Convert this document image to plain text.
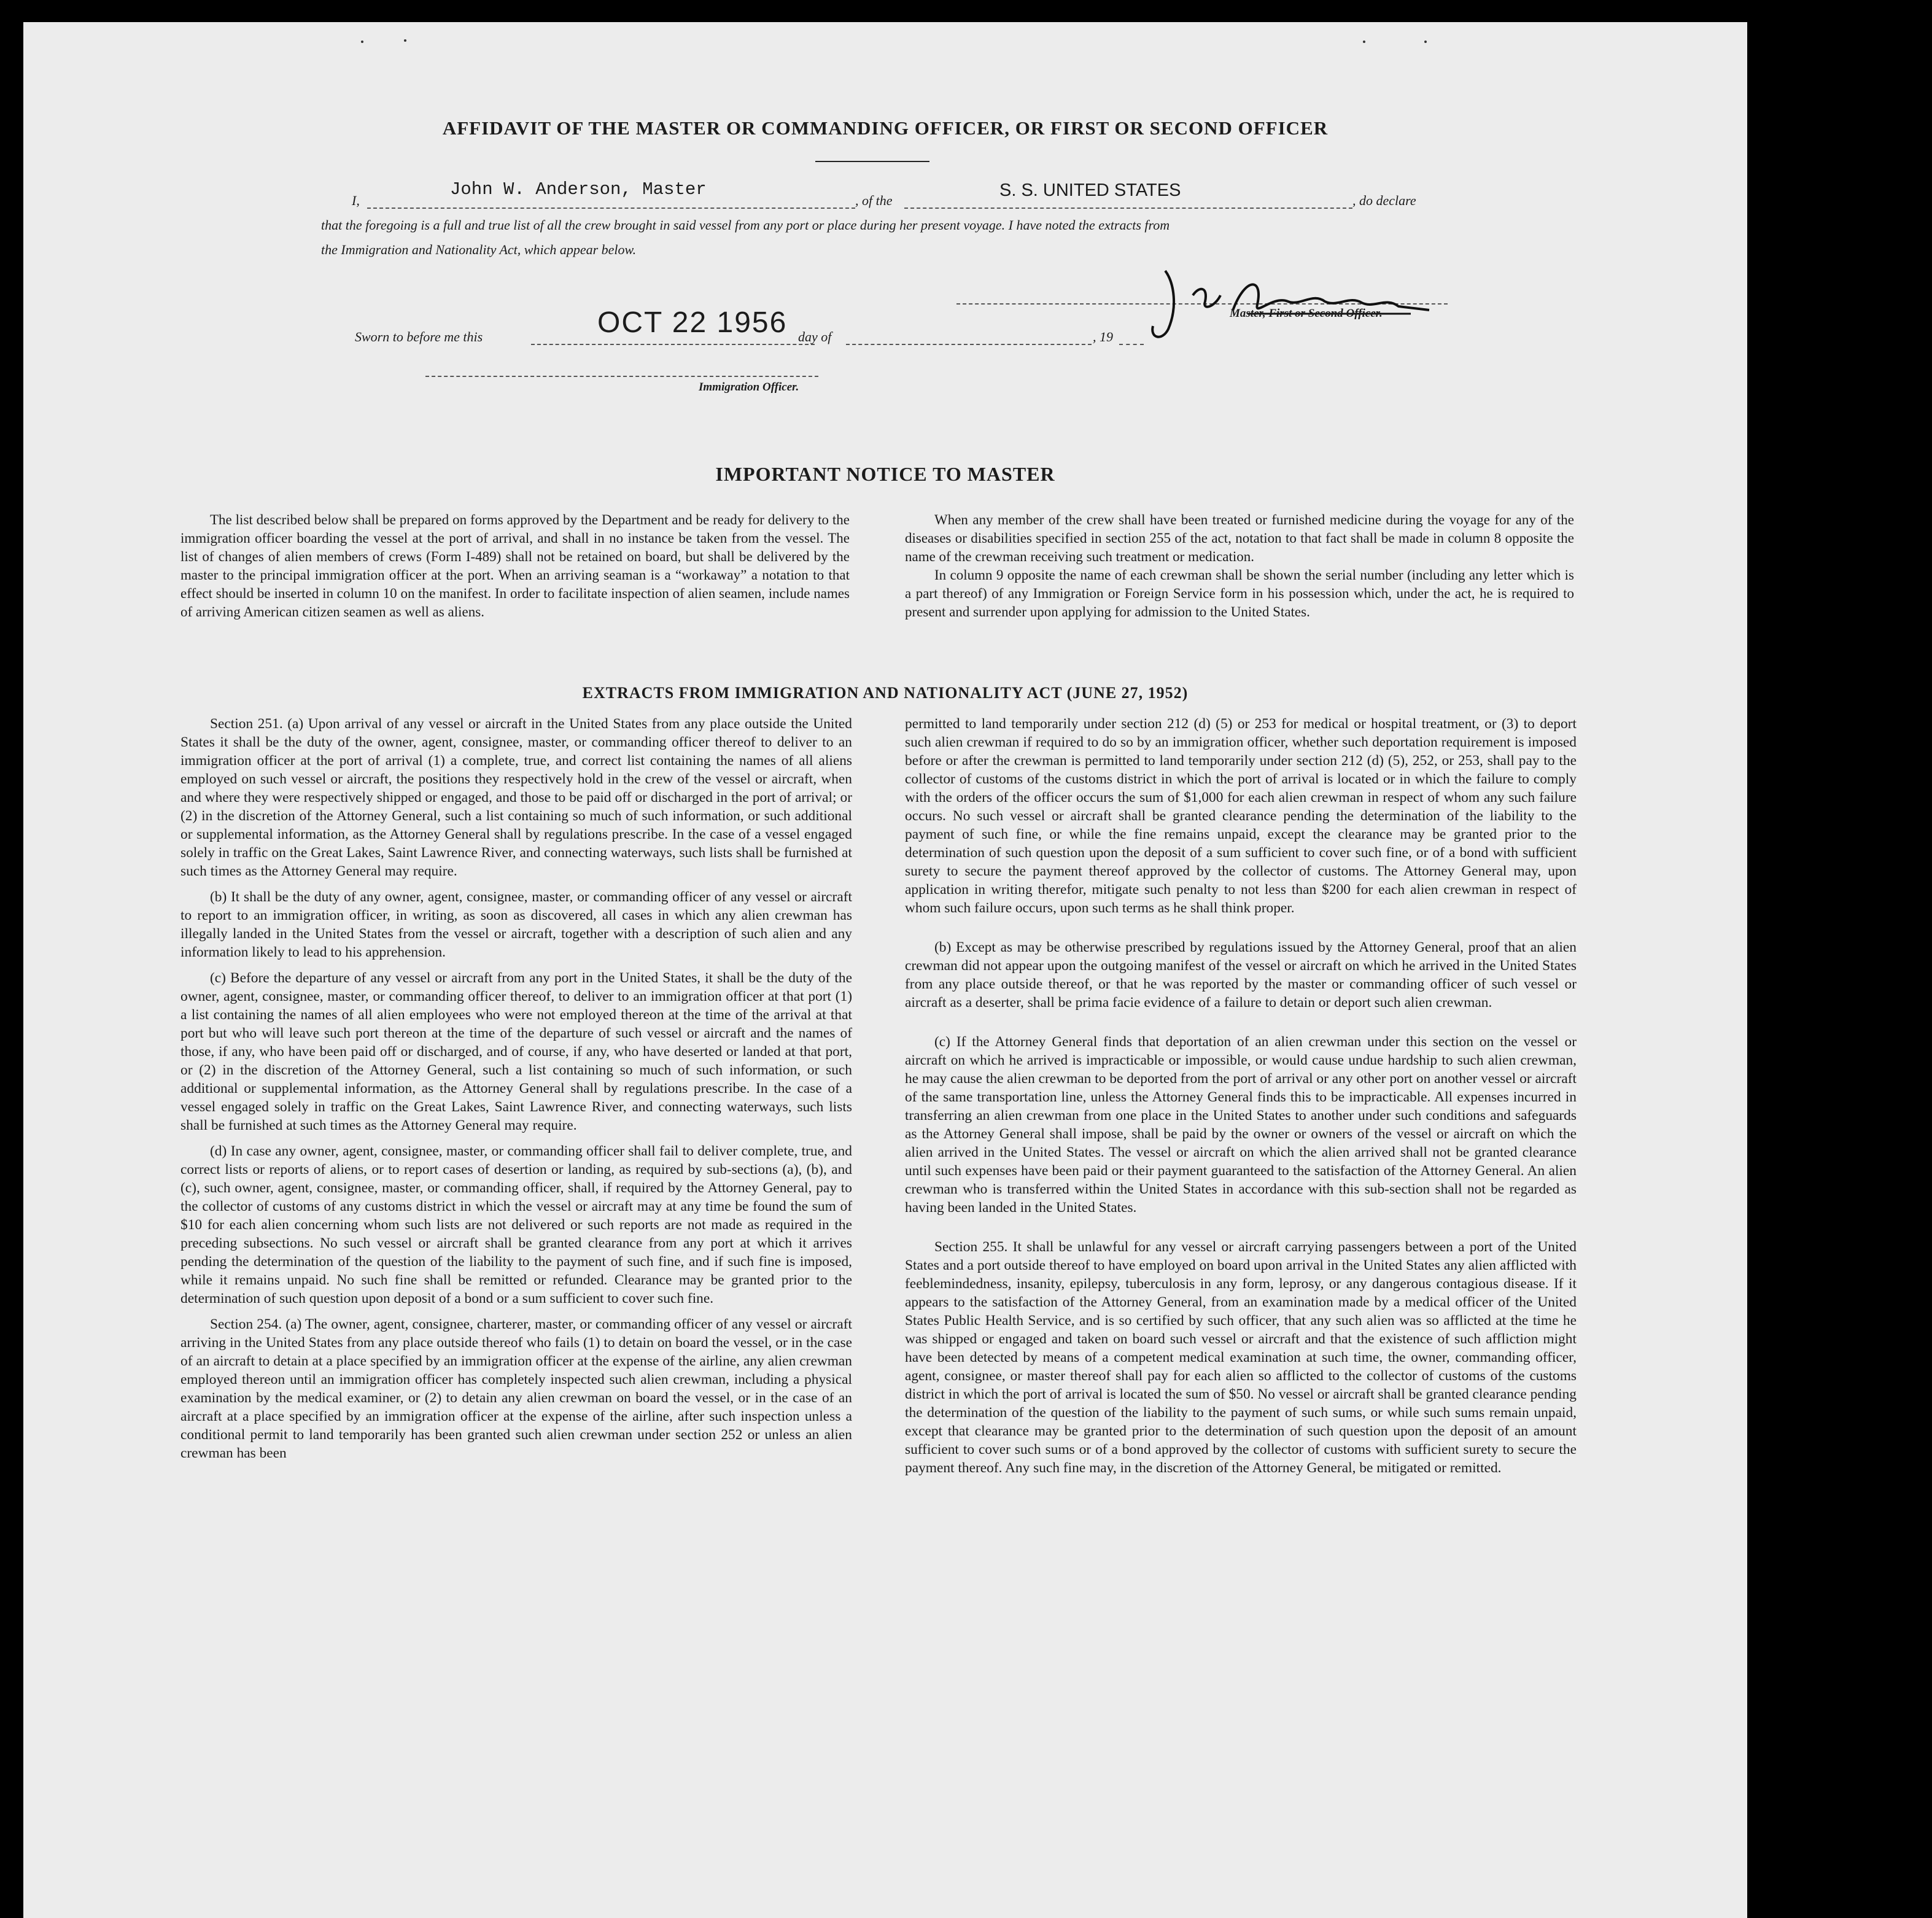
AFFIDAVIT OF THE MASTER OR COMMANDING OFFICER, OR FIRST OR SECOND OFFICER
I,
John W. Anderson, Master
, of the
S. S. UNITED STATES
, do declare
that the foregoing is a full and true list of all the crew brought in said vessel from any port or place during her present voyage. I have noted the extracts from
the Immigration and Nationality Act, which appear below.
Master, First or Second Officer.
Sworn to before me this	OCT 22 1956 day of	, 19
Immigration Officer.
IMPORTANT NOTICE TO MASTER

The list described below shall be prepared on forms approved by the Department and be ready for delivery to the immigration officer boarding the vessel at the port of arrival, and shall in no instance be taken from the vessel. The list of changes of alien members of crews (Form I-489) shall not be retained on board, but shall be delivered by the master to the principal immigration officer at the port. When an arriving seaman is a “workaway” a notation to that effect should be inserted in column 10 on the manifest. In order to facilitate inspection of alien seamen, include names of arriving American citizen seamen as well as aliens.

When any member of the crew shall have been treated or furnished medicine during the voyage for any of the diseases or disabilities specified in section 255 of the act, notation to that fact shall be made in column 8 opposite the name of the crewman receiving such treatment or medication.

In column 9 opposite the name of each crewman shall be shown the serial number (including any letter which is a part thereof) of any Immigration or Foreign Service form in his possession which, under the act, he is required to present and surrender upon applying for admission to the United States.

EXTRACTS FROM IMMIGRATION AND NATIONALITY ACT (JUNE 27, 1952)

Section 251. (a) Upon arrival of any vessel or aircraft in the United States from any place outside the United States it shall be the duty of the owner, agent, consignee, master, or commanding officer thereof to deliver to an immigration officer at the port of arrival (1) a complete, true, and correct list containing the names of all aliens employed on such vessel or aircraft, the positions they respectively hold in the crew of the vessel or aircraft, when and where they were respectively shipped or engaged, and those to be paid off or discharged in the port of arrival; or (2) in the discretion of the Attorney General, such a list containing so much of such information, or such additional or supplemental information, as the Attorney General shall by regulations prescribe. In the case of a vessel engaged solely in traffic on the Great Lakes, Saint Lawrence River, and connecting waterways, such lists shall be furnished at such times as the Attorney General may require.

(b) It shall be the duty of any owner, agent, consignee, master, or commanding officer of any vessel or aircraft to report to an immigration officer, in writing, as soon as discovered, all cases in which any alien crewman has illegally landed in the United States from the vessel or aircraft, together with a description of such alien and any information likely to lead to his apprehension.

(c) Before the departure of any vessel or aircraft from any port in the United States, it shall be the duty of the owner, agent, consignee, master, or commanding officer thereof, to deliver to an immigration officer at that port (1) a list containing the names of all alien employees who were not employed thereon at the time of the arrival at that port but who will leave such port thereon at the time of the departure of such vessel or aircraft and the names of those, if any, who have been paid off or discharged, and of course, if any, who have deserted or landed at that port, or (2) in the discretion of the Attorney General, such a list containing so much of such information, or such additional or supplemental information, as the Attorney General shall by regulations prescribe. In the case of a vessel engaged solely in traffic on the Great Lakes, Saint Lawrence River, and connecting waterways, such lists shall be furnished at such times as the Attorney General may require.

(d) In case any owner, agent, consignee, master, or commanding officer shall fail to deliver complete, true, and correct lists or reports of aliens, or to report cases of desertion or landing, as required by sub-sections (a), (b), and (c), such owner, agent, consignee, master, or commanding officer, shall, if required by the Attorney General, pay to the collector of customs of any customs district in which the vessel or aircraft may at any time be found the sum of $10 for each alien concerning whom such lists are not delivered or such reports are not made as required in the preceding subsections. No such vessel or aircraft shall be granted clearance from any port at which it arrives pending the determination of the question of the liability to the payment of such fine, and if such fine is imposed, while it remains unpaid. No such fine shall be remitted or refunded. Clearance may be granted prior to the determination of such question upon deposit of a bond or a sum sufficient to cover such fine.

Section 254. (a) The owner, agent, consignee, charterer, master, or commanding officer of any vessel or aircraft arriving in the United States from any place outside thereof who fails (1) to detain on board the vessel, or in the case of an aircraft to detain at a place specified by an immigration officer at the expense of the airline, any alien crewman employed thereon until an immigration officer has completely inspected such alien crewman, including a physical examination by the medical examiner, or (2) to detain any alien crewman on board the vessel, or in the case of an aircraft at a place specified by an immigration officer at the expense of the airline, after such inspection unless a conditional permit to land temporarily has been granted such alien crewman under section 252 or unless an alien crewman has been

permitted to land temporarily under section 212 (d) (5) or 253 for medical or hospital treatment, or (3) to deport such alien crewman if required to do so by an immigration officer, whether such deportation requirement is imposed before or after the crewman is permitted to land temporarily under section 212 (d) (5), 252, or 253, shall pay to the collector of customs of the customs district in which the port of arrival is located or in which the failure to comply with the orders of the officer occurs the sum of $1,000 for each alien crewman in respect of whom any such failure occurs. No such vessel or aircraft shall be granted clearance pending the determination of the liability to the payment of such fine, or while the fine remains unpaid, except the clearance may be granted prior to the determination of such question upon the deposit of a sum sufficient to cover such fine, or of a bond with sufficient surety to secure the payment thereof approved by the collector of customs. The Attorney General may, upon application in writing therefor, mitigate such penalty to not less than $200 for each alien crewman in respect of whom such failure occurs, upon such terms as he shall think proper.

(b) Except as may be otherwise prescribed by regulations issued by the Attorney General, proof that an alien crewman did not appear upon the outgoing manifest of the vessel or aircraft on which he arrived in the United States from any place outside thereof, or that he was reported by the master or commanding officer of such vessel or aircraft as a deserter, shall be prima facie evidence of a failure to detain or deport such alien crewman.

(c) If the Attorney General finds that deportation of an alien crewman under this section on the vessel or aircraft on which he arrived is impracticable or impossible, or would cause undue hardship to such alien crewman, he may cause the alien crewman to be deported from the port of arrival or any other port on another vessel or aircraft of the same transportation line, unless the Attorney General finds this to be impracticable. All expenses incurred in transferring an alien crewman from one place in the United States to another under such conditions and safeguards as the Attorney General shall impose, shall be paid by the owner or owners of the vessel or aircraft on which the alien arrived in the United States. The vessel or aircraft on which the alien arrived shall not be granted clearance until such expenses have been paid or their payment guaranteed to the satisfaction of the Attorney General. An alien crewman who is transferred within the United States in accordance with this sub-section shall not be regarded as having been landed in the United States.

Section 255. It shall be unlawful for any vessel or aircraft carrying passengers between a port of the United States and a port outside thereof to have employed on board upon arrival in the United States any alien afflicted with feeblemindedness, insanity, epilepsy, tuberculosis in any form, leprosy, or any dangerous contagious disease. If it appears to the satisfaction of the Attorney General, from an examination made by a medical officer of the United States Public Health Service, and is so certified by such officer, that any such alien was so afflicted at the time he was shipped or engaged and taken on board such vessel or aircraft and that the existence of such affliction might have been detected by means of a competent medical examination at such time, the owner, commanding officer, agent, consignee, or master thereof shall pay for each alien so afflicted to the collector of customs of the customs district in which the port of arrival is located the sum of $50. No vessel or aircraft shall be granted clearance pending the determination of the question of the liability to the payment of such sums, or while such sums remain unpaid, except that clearance may be granted prior to the determination of such question upon the deposit of an amount sufficient to cover such sums or of a bond approved by the collector of customs with sufficient surety to secure the payment thereof. Any such fine may, in the discretion of the Attorney General, be mitigated or remitted.
